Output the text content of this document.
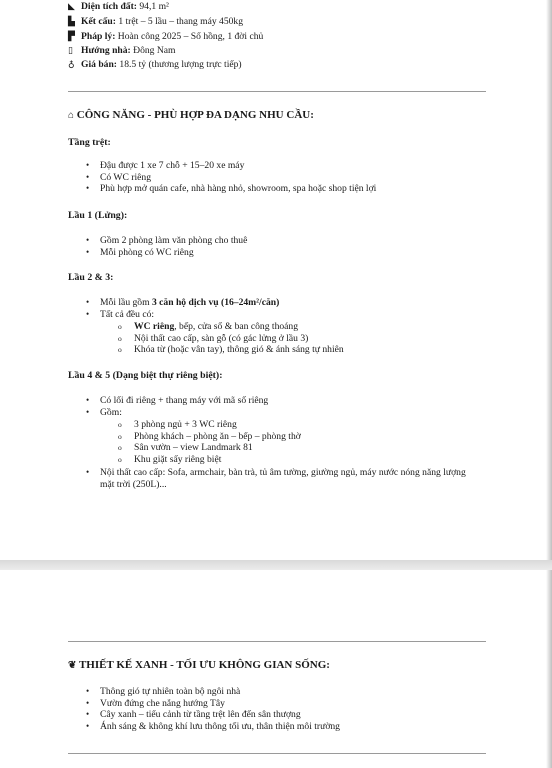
◣ Diện tích đất: 94,1 m²
▙ Kết cấu: 1 trệt – 5 lầu – thang máy 450kg
▛ Pháp lý: Hoàn công 2025 – Sổ hồng, 1 đời chủ
▯ Hướng nhà: Đông Nam
♁ Giá bán: 18.5 tỷ (thương lượng trực tiếp)
⌂ CÔNG NĂNG - PHÙ HỢP ĐA DẠNG NHU CẦU:
Tầng trệt:
• Đậu được 1 xe 7 chỗ + 15–20 xe máy
• Có WC riêng
• Phù hợp mở quán cafe, nhà hàng nhỏ, showroom, spa hoặc shop tiện lợi
Lầu 1 (Lửng):
• Gồm 2 phòng làm văn phòng cho thuê
• Mỗi phòng có WC riêng
Lầu 2 & 3:
• Mỗi lầu gồm 3 căn hộ dịch vụ (16–24m²/căn)
• Tất cả đều có:
o WC riêng, bếp, cửa sổ & ban công thoáng
o Nội thất cao cấp, sàn gỗ (có gác lửng ở lầu 3)
o Khóa từ (hoặc vân tay), thông gió & ánh sáng tự nhiên
Lầu 4 & 5 (Dạng biệt thự riêng biệt):
• Có lối đi riêng + thang máy với mã số riêng
• Gồm:
o 3 phòng ngủ + 3 WC riêng
o Phòng khách – phòng ăn – bếp – phòng thờ
o Sân vườn – view Landmark 81
o Khu giặt sấy riêng biệt
• Nội thất cao cấp: Sofa, armchair, bàn trà, tủ âm tường, giường ngủ, máy nước nóng năng lượng mặt trời (250L)...
❦ THIẾT KẾ XANH - TỐI ƯU KHÔNG GIAN SỐNG:
• Thông gió tự nhiên toàn bộ ngôi nhà
• Vườn đứng che nắng hướng Tây
• Cây xanh – tiểu cảnh từ tầng trệt lên đến sân thượng
• Ánh sáng & không khí lưu thông tối ưu, thân thiện môi trường
